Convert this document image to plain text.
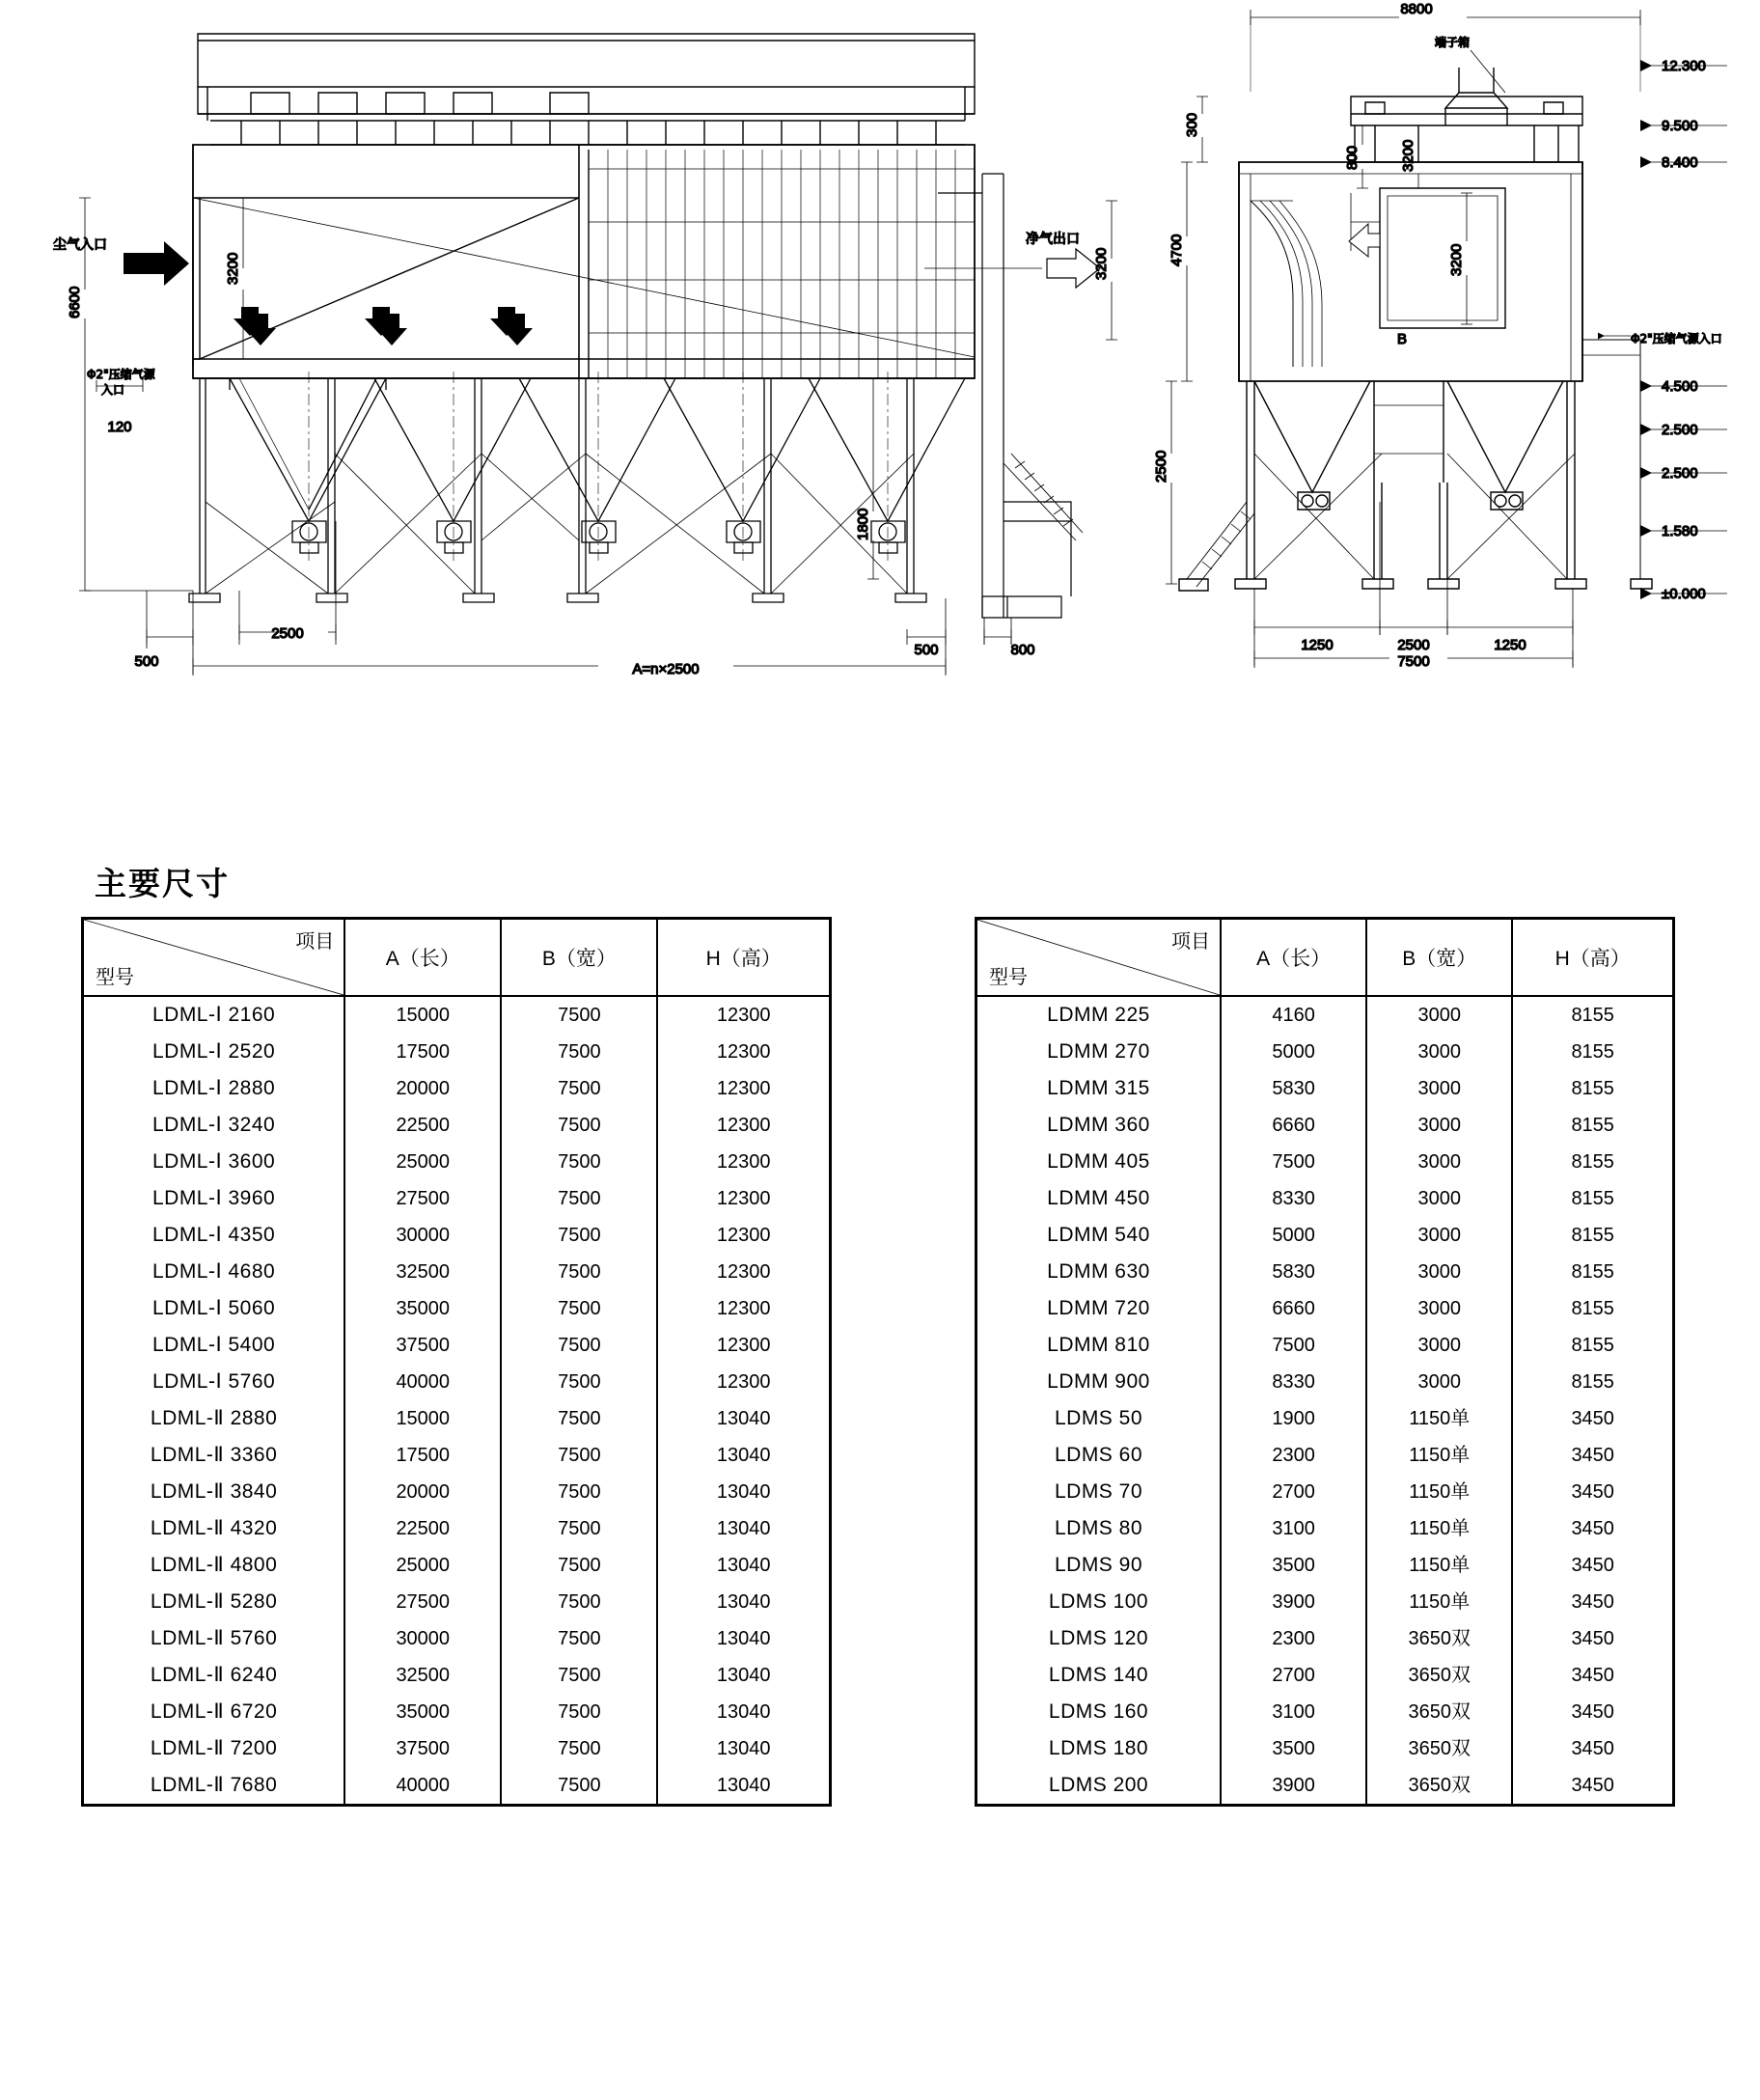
尘气入口	净气出口
Φ2"压缩气源
入口
3200	3200
6600
1800
500
2500
A=n×2500
500	800
120
端子箱
Φ2"压缩气源入口
8800
300
800	3200
3200
4700
2500
1250	2500	1250
7500
B
12.300
9.500
8.400
4.500
2.500
2.500
1.580
±0.000
主要尺寸
项目
型号	A（长）	B（宽）	H（高）
LDML-Ⅰ 2160	15000	7500	12300
LDML-Ⅰ 2520	17500	7500	12300
LDML-Ⅰ 2880	20000	7500	12300
LDML-Ⅰ 3240	22500	7500	12300
LDML-Ⅰ 3600	25000	7500	12300
LDML-Ⅰ 3960	27500	7500	12300
LDML-Ⅰ 4350	30000	7500	12300
LDML-Ⅰ 4680	32500	7500	12300
LDML-Ⅰ 5060	35000	7500	12300
LDML-Ⅰ 5400	37500	7500	12300
LDML-Ⅰ 5760	40000	7500	12300
LDML-Ⅱ 2880	15000	7500	13040
LDML-Ⅱ 3360	17500	7500	13040
LDML-Ⅱ 3840	20000	7500	13040
LDML-Ⅱ 4320	22500	7500	13040
LDML-Ⅱ 4800	25000	7500	13040
LDML-Ⅱ 5280	27500	7500	13040
LDML-Ⅱ 5760	30000	7500	13040
LDML-Ⅱ 6240	32500	7500	13040
LDML-Ⅱ 6720	35000	7500	13040
LDML-Ⅱ 7200	37500	7500	13040
LDML-Ⅱ 7680	40000	7500	13040
项目
型号	A（长）	B（宽）	H（高）
LDMM 225	4160	3000	8155
LDMM 270	5000	3000	8155
LDMM 315	5830	3000	8155
LDMM 360	6660	3000	8155
LDMM 405	7500	3000	8155
LDMM 450	8330	3000	8155
LDMM 540	5000	3000	8155
LDMM 630	5830	3000	8155
LDMM 720	6660	3000	8155
LDMM 810	7500	3000	8155
LDMM 900	8330	3000	8155
LDMS 50	1900	1150单	3450
LDMS 60	2300	1150单	3450
LDMS 70	2700	1150单	3450
LDMS 80	3100	1150单	3450
LDMS 90	3500	1150单	3450
LDMS 100	3900	1150单	3450
LDMS 120	2300	3650双	3450
LDMS 140	2700	3650双	3450
LDMS 160	3100	3650双	3450
LDMS 180	3500	3650双	3450
LDMS 200	3900	3650双	3450
